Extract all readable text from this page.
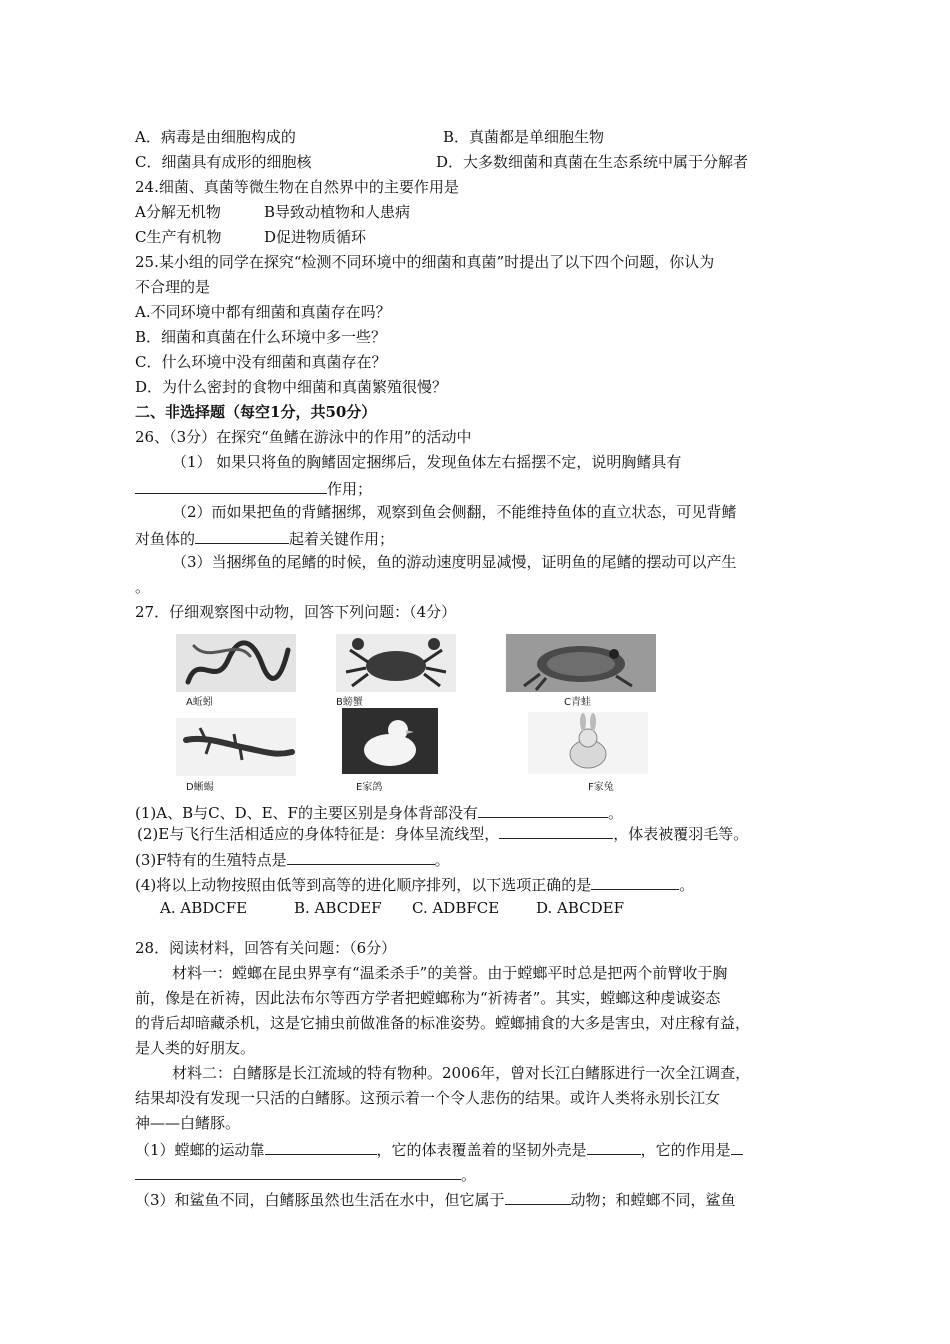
A．病毒是由细胞构成的	B．真菌都是单细胞生物
C．细菌具有成形的细胞核	D．大多数细菌和真菌在生态系统中属于分解者
24.细菌、真菌等微生物在自然界中的主要作用是
A分解无机物	B导致动植物和人患病
C生产有机物	D促进物质循环
25.某小组的同学在探究“检测不同环境中的细菌和真菌”时提出了以下四个问题，你认为
不合理的是
A.不同环境中都有细菌和真菌存在吗？
B．细菌和真菌在什么环境中多一些？
C．什么环境中没有细菌和真菌存在？
D．为什么密封的食物中细菌和真菌繁殖很慢？
二、非选择题（每空1分，共50分）
26、（3分）在探究“鱼鳍在游泳中的作用”的活动中
（1） 如果只将鱼的胸鳍固定捆绑后，发现鱼体左右摇摆不定，说明胸鳍具有
作用；
（2）而如果把鱼的背鳍捆绑，观察到鱼会侧翻，不能维持鱼体的直立状态，可见背鳍
对鱼体的	起着关键作用；
（3）当捆绑鱼的尾鳍的时候，鱼的游动速度明显减慢，证明鱼的尾鳍的摆动可以产生
。
27．仔细观察图中动物，回答下列问题：（4分）
A蚯蚓	B螃蟹	C青蛙
D蜥蜴	E家鸽	F家兔
(1)A、B与C、D、E、F的主要区别是身体背部没有	。
(2)E与飞行生活相适应的身体特征是：身体呈流线型，	，体表被覆羽毛等。
(3)F特有的生殖特点是	。
(4)将以上动物按照由低等到高等的进化顺序排列，以下选项正确的是	。
A. ABDCFE	B. ABCDEF C. ADBFCE D. ABCDEF
28．阅读材料，回答有关问题：（6分）
材料一：螳螂在昆虫界享有“温柔杀手”的美誉。由于螳螂平时总是把两个前臂收于胸
前，像是在祈祷，因此法布尔等西方学者把螳螂称为“祈祷者”。其实，螳螂这种虔诚姿态
的背后却暗藏杀机，这是它捕虫前做准备的标准姿势。螳螂捕食的大多是害虫，对庄稼有益，
是人类的好朋友。
材料二：白鳍豚是长江流域的特有物种。2006年，曾对长江白鳍豚进行一次全江调查，
结果却没有发现一只活的白鳍豚。这预示着一个令人悲伤的结果。或许人类将永别长江女
神——白鳍豚。
（1）螳螂的运动靠	，它的体表覆盖着的坚韧外壳是	，它的作用是
。
（3）和鲨鱼不同，白鳍豚虽然也生活在水中，但它属于	动物；和螳螂不同，鲨鱼
